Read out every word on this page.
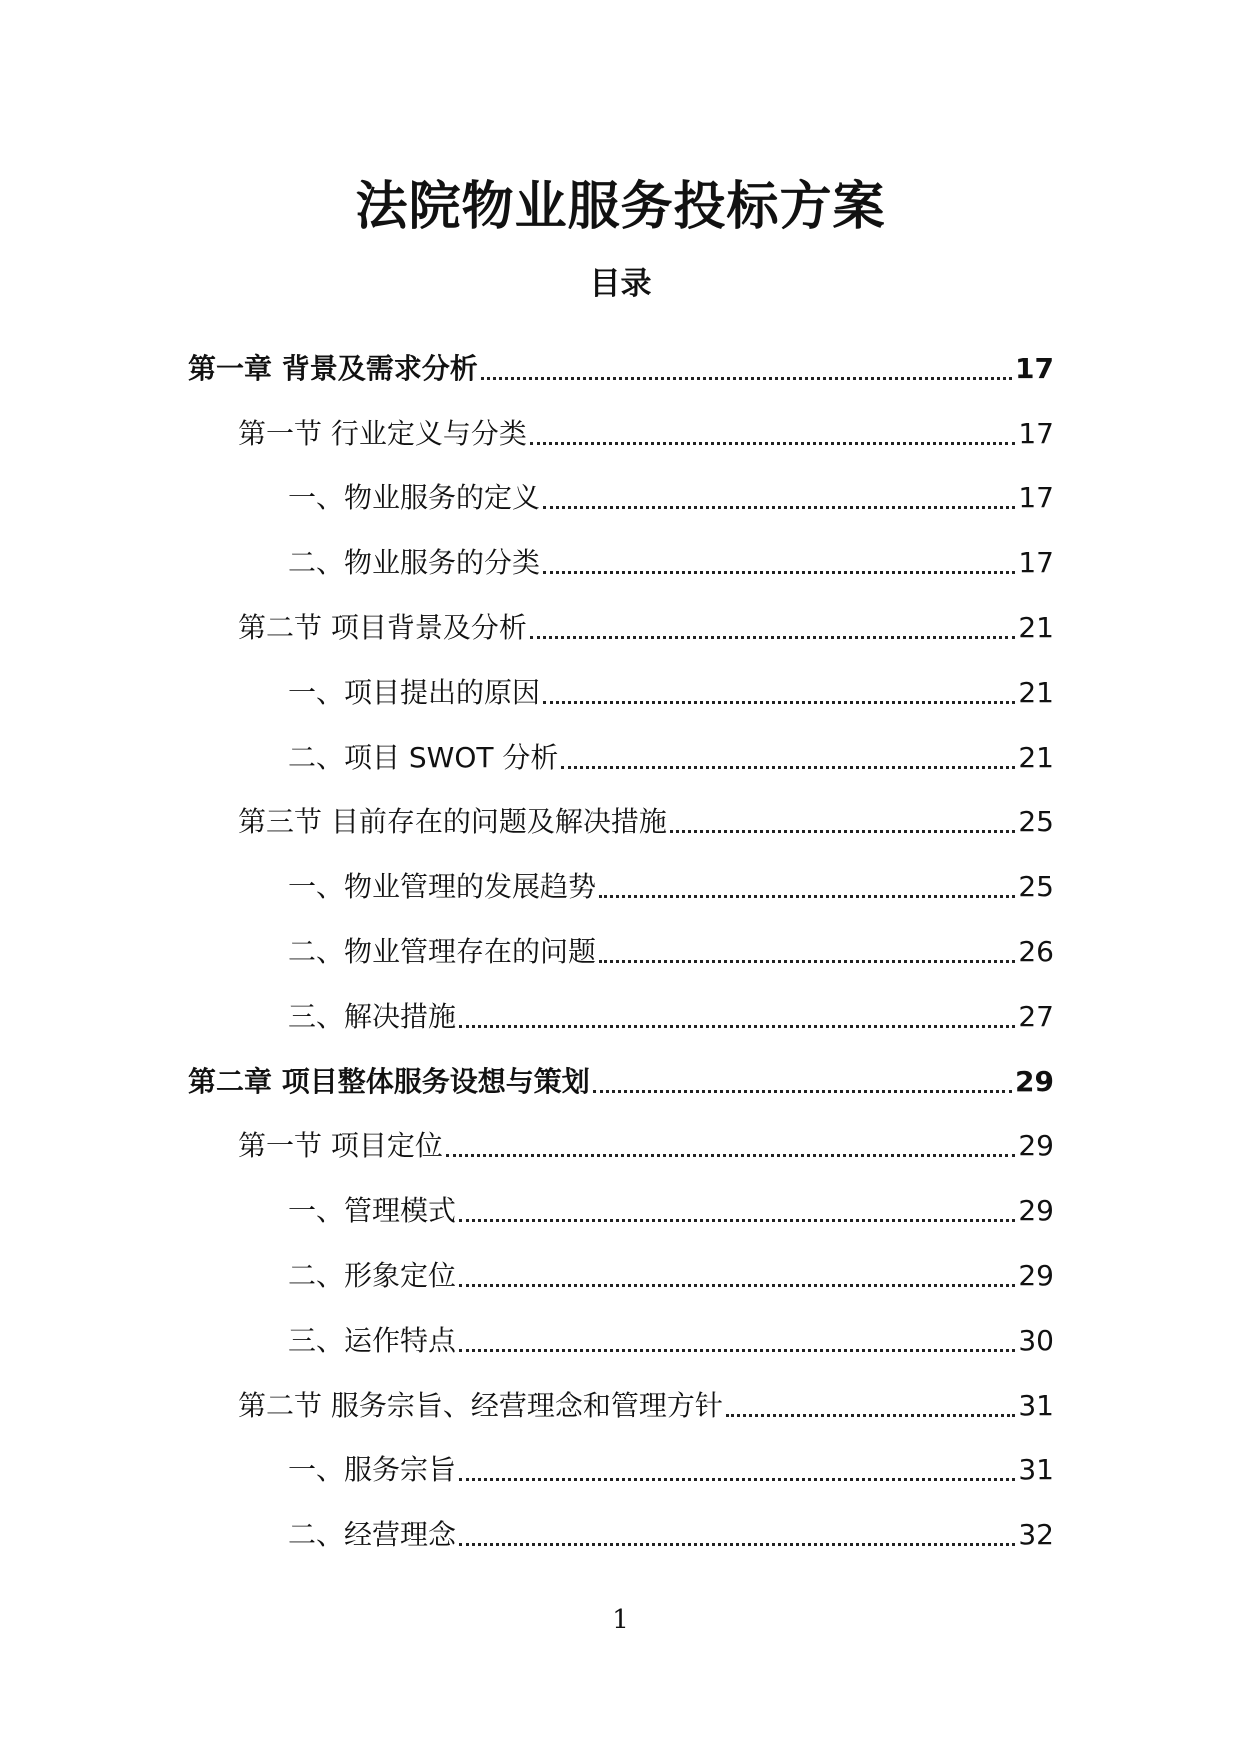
法院物业服务投标方案
目录
第一章 背景及需求分析	17
第一节 行业定义与分类	17
一、物业服务的定义	17
二、物业服务的分类	17
第二节 项目背景及分析	21
一、项目提出的原因	21
二、项目 SWOT 分析	21
第三节 目前存在的问题及解决措施	25
一、物业管理的发展趋势	25
二、物业管理存在的问题	26
三、解决措施	27
第二章 项目整体服务设想与策划	29
第一节 项目定位	29
一、管理模式	29
二、形象定位	29
三、运作特点	30
第二节 服务宗旨、经营理念和管理方针	31
一、服务宗旨	31
二、经营理念	32
1
